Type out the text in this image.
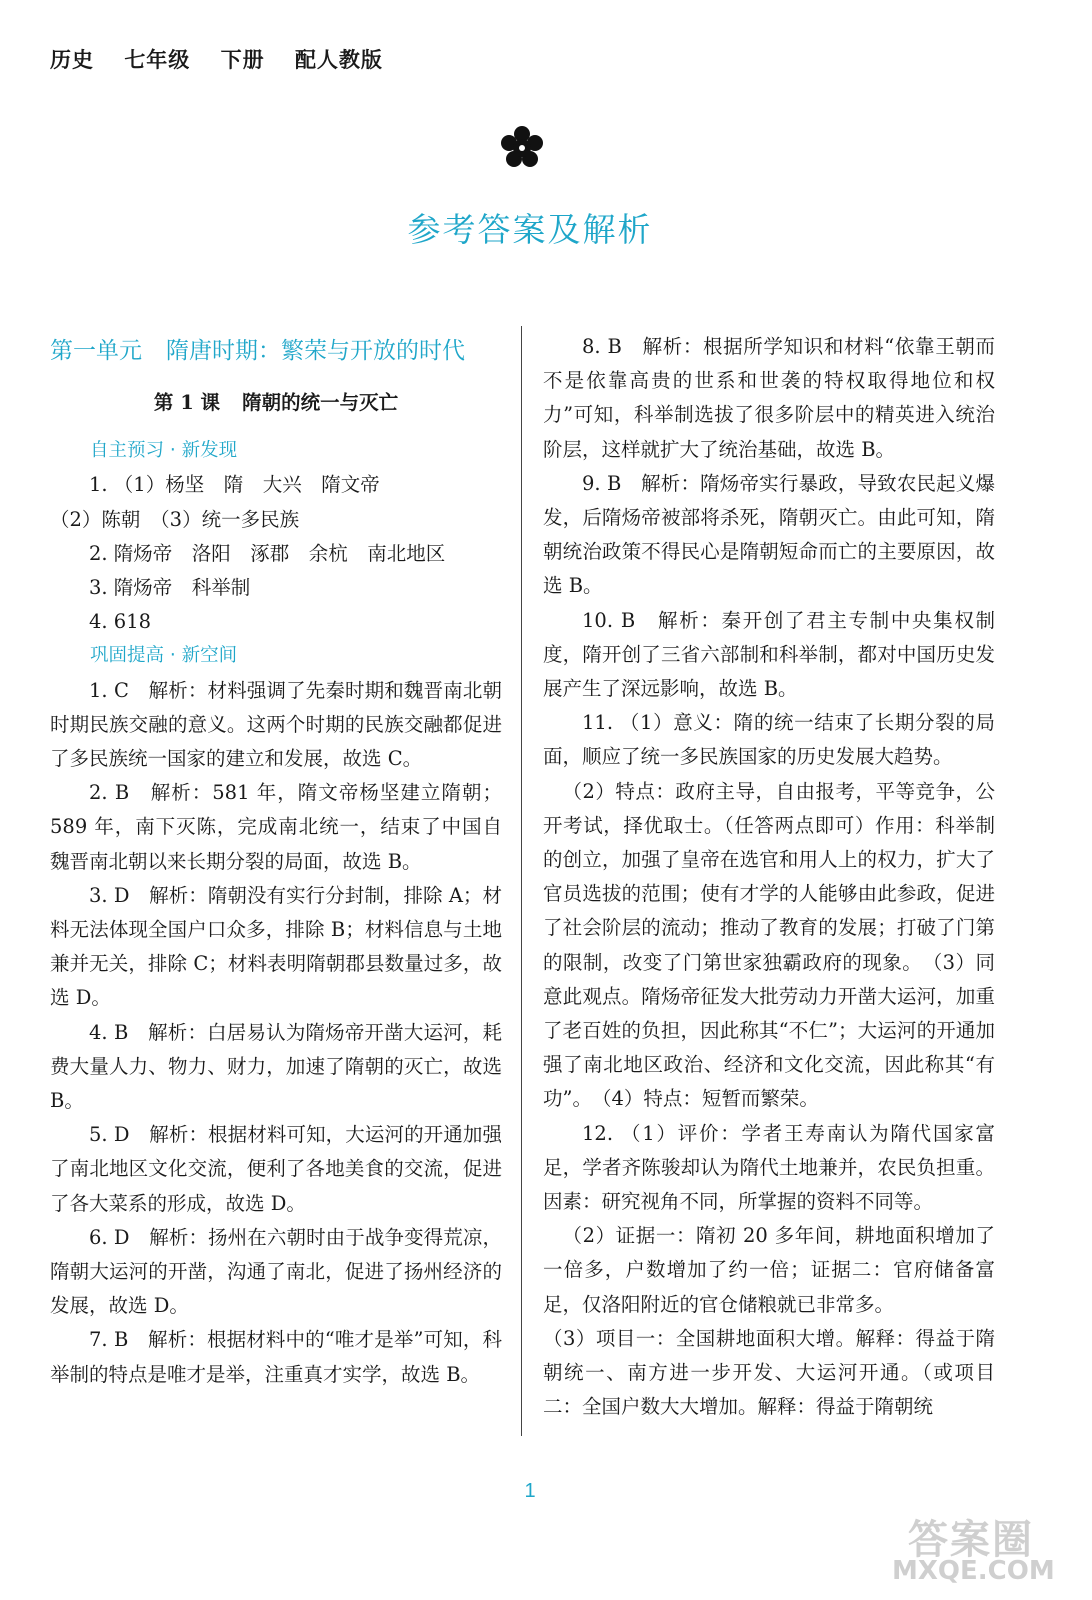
历史 七年级 下册 配人教版
参考答案及解析
第一单元 隋唐时期：繁荣与开放的时代
第 1 课 隋朝的统一与灭亡
自主预习 · 新发现

1. （1）杨坚　隋　大兴　隋文帝

（2）陈朝　（3）统一多民族

2. 隋炀帝　洛阳　涿郡　余杭　南北地区

3. 隋炀帝　科举制

4. 618

巩固提高 · 新空间

1. C　解析：材料强调了先秦时期和魏晋南北朝时期民族交融的意义。这两个时期的民族交融都促进了多民族统一国家的建立和发展，故选 C。

2. B　解析：581 年，隋文帝杨坚建立隋朝；589 年，南下灭陈，完成南北统一，结束了中国自魏晋南北朝以来长期分裂的局面，故选 B。

3. D　解析：隋朝没有实行分封制，排除 A；材料无法体现全国户口众多，排除 B；材料信息与土地兼并无关，排除 C；材料表明隋朝郡县数量过多，故选 D。

4. B　解析：白居易认为隋炀帝开凿大运河，耗费大量人力、物力、财力，加速了隋朝的灭亡，故选 B。

5. D　解析：根据材料可知，大运河的开通加强了南北地区文化交流，便利了各地美食的交流，促进了各大菜系的形成，故选 D。

6. D　解析：扬州在六朝时由于战争变得荒凉，隋朝大运河的开凿，沟通了南北，促进了扬州经济的发展，故选 D。

7. B　解析：根据材料中的“唯才是举”可知，科举制的特点是唯才是举，注重真才实学，故选 B。

8. B　解析：根据所学知识和材料“依靠王朝而不是依靠高贵的世系和世袭的特权取得地位和权力”可知，科举制选拔了很多阶层中的精英进入统治阶层，这样就扩大了统治基础，故选 B。

9. B　解析：隋炀帝实行暴政，导致农民起义爆发，后隋炀帝被部将杀死，隋朝灭亡。由此可知，隋朝统治政策不得民心是隋朝短命而亡的主要原因，故选 B。

10. B　解析：秦开创了君主专制中央集权制度，隋开创了三省六部制和科举制，都对中国历史发展产生了深远影响，故选 B。

11. （1）意义：隋的统一结束了长期分裂的局面，顺应了统一多民族国家的历史发展大趋势。

（2）特点：政府主导，自由报考，平等竞争，公开考试，择优取士。（任答两点即可）作用：科举制的创立，加强了皇帝在选官和用人上的权力，扩大了官员选拔的范围；使有才学的人能够由此参政，促进了社会阶层的流动；推动了教育的发展；打破了门第的限制，改变了门第世家独霸政府的现象。　（3）同意此观点。隋炀帝征发大批劳动力开凿大运河，加重了老百姓的负担，因此称其“不仁”；大运河的开通加强了南北地区政治、经济和文化交流，因此称其“有功”。　（4）特点：短暂而繁荣。

12. （1）评价：学者王寿南认为隋代国家富足，学者齐陈骏却认为隋代土地兼并，农民负担重。因素：研究视角不同，所掌握的资料不同等。

（2）证据一：隋初 20 多年间，耕地面积增加了一倍多，户数增加了约一倍；证据二：官府储备富足，仅洛阳附近的官仓储粮就已非常多。

（3）项目一：全国耕地面积大增。解释：得益于隋朝统一、南方进一步开发、大运河开通。（或项目二：全国户数大大增加。解释：得益于隋朝统

1
答案圈
MXQE.COM
